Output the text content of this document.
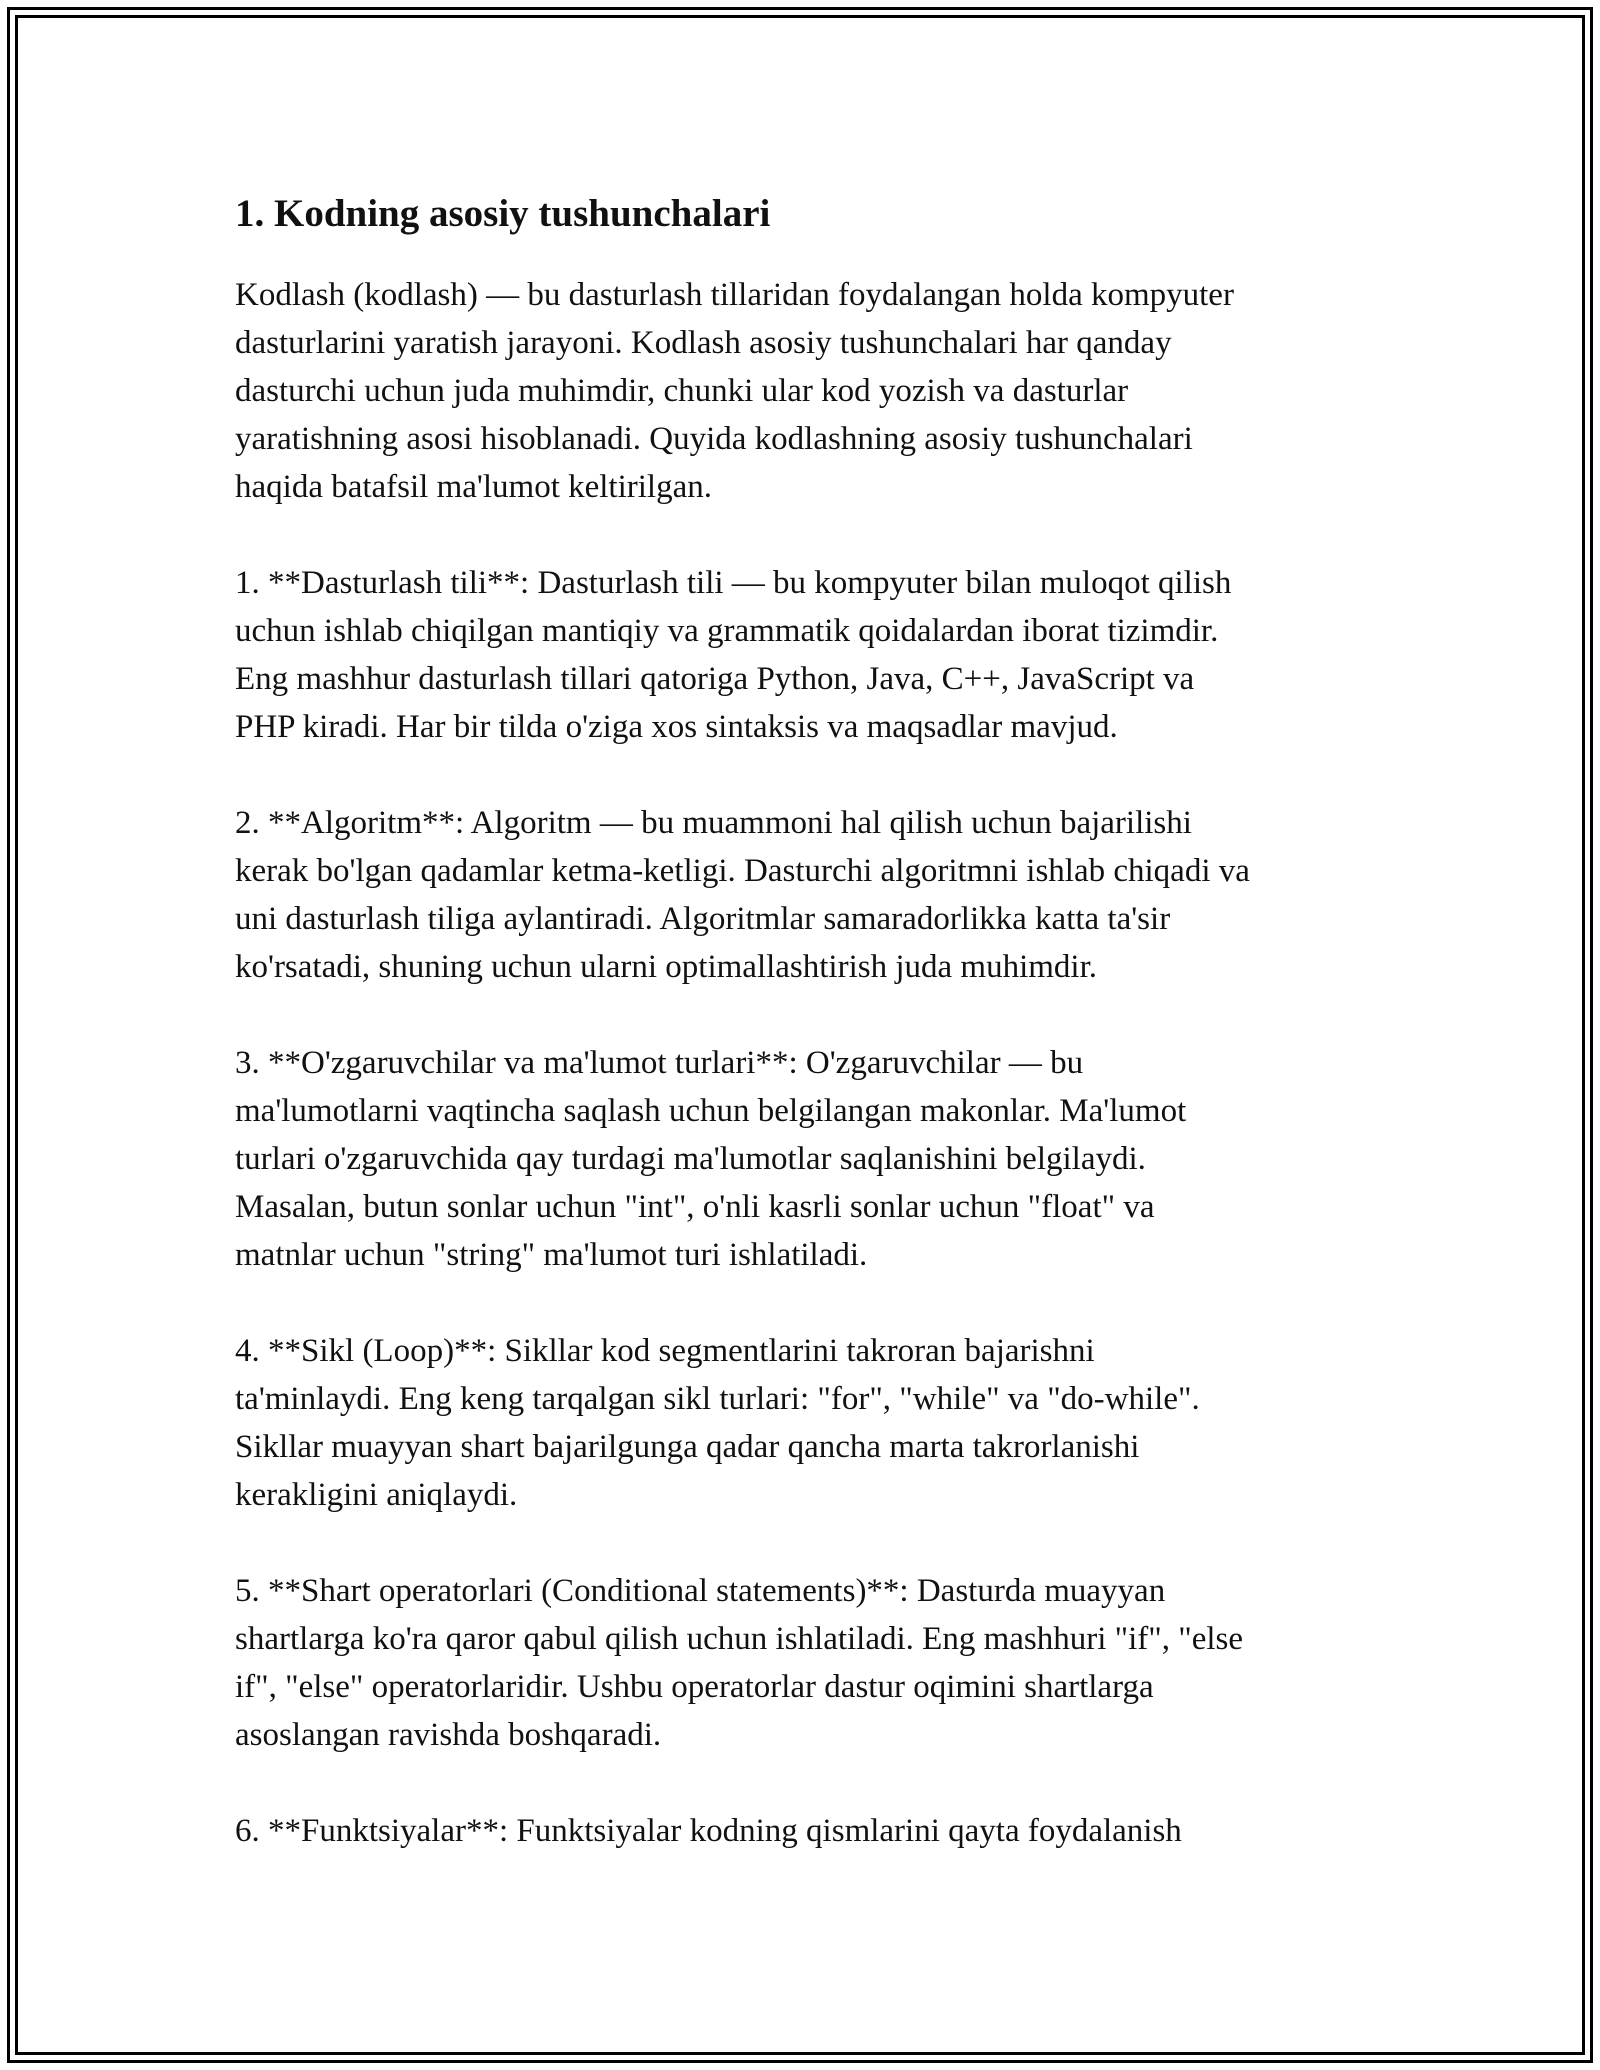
1. Kodning asosiy tushunchalari

Kodlash (kodlash) — bu dasturlash tillaridan foydalangan holda kompyuter
dasturlarini yaratish jarayoni. Kodlash asosiy tushunchalari har qanday
dasturchi uchun juda muhimdir, chunki ular kod yozish va dasturlar
yaratishning asosi hisoblanadi. Quyida kodlashning asosiy tushunchalari
haqida batafsil ma'lumot keltirilgan.

1. **Dasturlash tili**: Dasturlash tili — bu kompyuter bilan muloqot qilish
uchun ishlab chiqilgan mantiqiy va grammatik qoidalardan iborat tizimdir.
Eng mashhur dasturlash tillari qatoriga Python, Java, C++, JavaScript va
PHP kiradi. Har bir tilda o'ziga xos sintaksis va maqsadlar mavjud.

2. **Algoritm**: Algoritm — bu muammoni hal qilish uchun bajarilishi
kerak bo'lgan qadamlar ketma-ketligi. Dasturchi algoritmni ishlab chiqadi va
uni dasturlash tiliga aylantiradi. Algoritmlar samaradorlikka katta ta'sir
ko'rsatadi, shuning uchun ularni optimallashtirish juda muhimdir.

3. **O'zgaruvchilar va ma'lumot turlari**: O'zgaruvchilar — bu
ma'lumotlarni vaqtincha saqlash uchun belgilangan makonlar. Ma'lumot
turlari o'zgaruvchida qay turdagi ma'lumotlar saqlanishini belgilaydi.
Masalan, butun sonlar uchun "int", o'nli kasrli sonlar uchun "float" va
matnlar uchun "string" ma'lumot turi ishlatiladi.

4. **Sikl (Loop)**: Sikllar kod segmentlarini takroran bajarishni
ta'minlaydi. Eng keng tarqalgan sikl turlari: "for", "while" va "do-while".
Sikllar muayyan shart bajarilgunga qadar qancha marta takrorlanishi
kerakligini aniqlaydi.

5. **Shart operatorlari (Conditional statements)**: Dasturda muayyan
shartlarga ko'ra qaror qabul qilish uchun ishlatiladi. Eng mashhuri "if", "else
if", "else" operatorlaridir. Ushbu operatorlar dastur oqimini shartlarga
asoslangan ravishda boshqaradi.

6. **Funktsiyalar**: Funktsiyalar kodning qismlarini qayta foydalanish
